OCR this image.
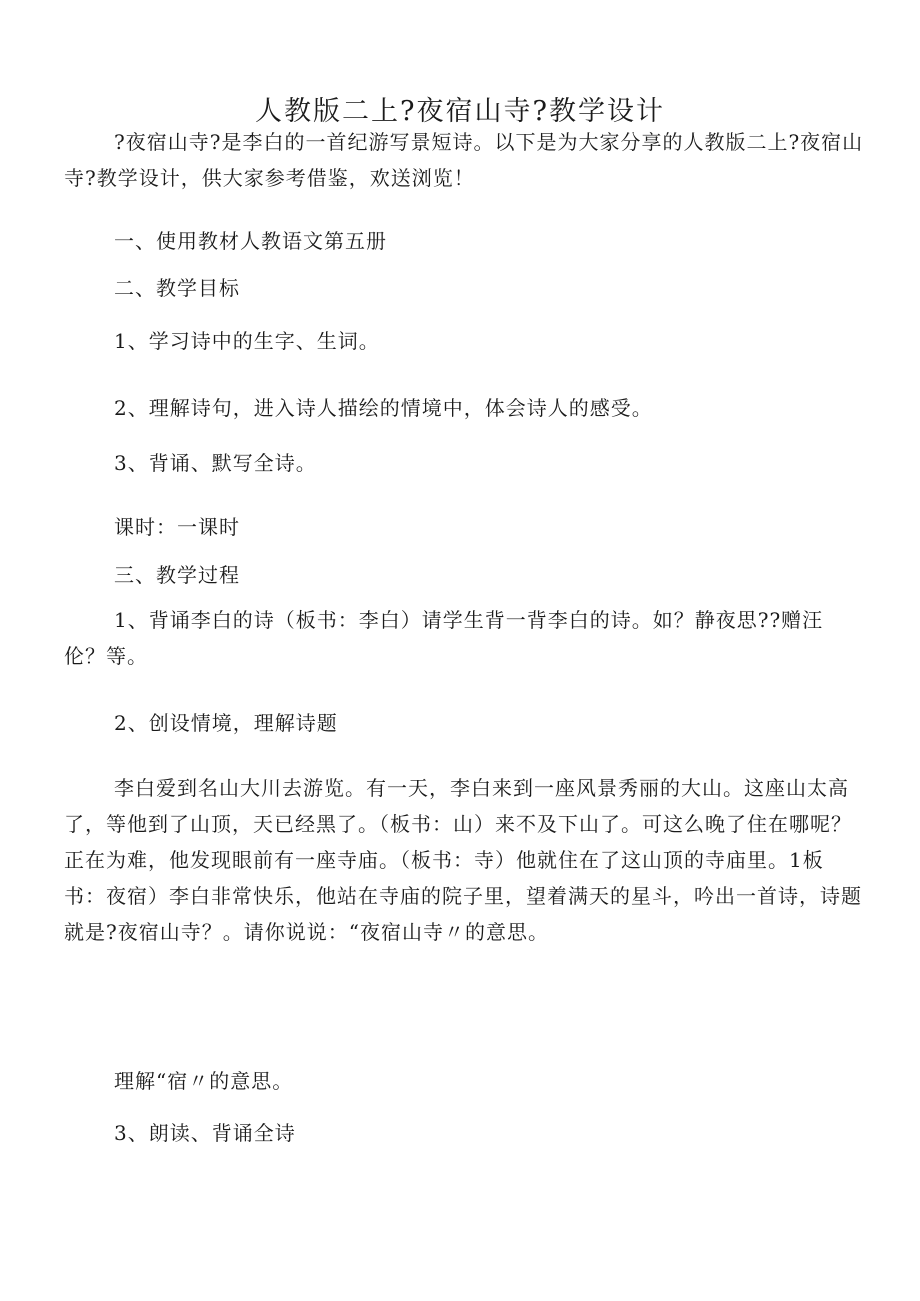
人教版二上?夜宿山寺?教学设计

?夜宿山寺?是李白的一首纪游写景短诗。以下是为大家分享的人教版二上?夜宿山寺?教学设计，供大家参考借鉴，欢送浏览！

一、使用教材人教语文第五册

二、教学目标

1、学习诗中的生字、生词。

2、理解诗句，进入诗人描绘的情境中，体会诗人的感受。

3、背诵、默写全诗。

课时：一课时

三、教学过程

1、背诵李白的诗（板书：李白）请学生背一背李白的诗。如？静夜思??赠汪伦？等。

2、创设情境，理解诗题

李白爱到名山大川去游览。有一天，李白来到一座风景秀丽的大山。这座山太高了，等他到了山顶，天已经黑了。（板书：山）来不及下山了。可这么晚了住在哪呢？正在为难，他发现眼前有一座寺庙。（板书：寺）他就住在了这山顶的寺庙里。1板书：夜宿）李白非常快乐，他站在寺庙的院子里，望着满天的星斗，吟出一首诗，诗题就是?夜宿山寺？。请你说说：“夜宿山寺〃的意思。

理解“宿〃的意思。

3、朗读、背诵全诗
